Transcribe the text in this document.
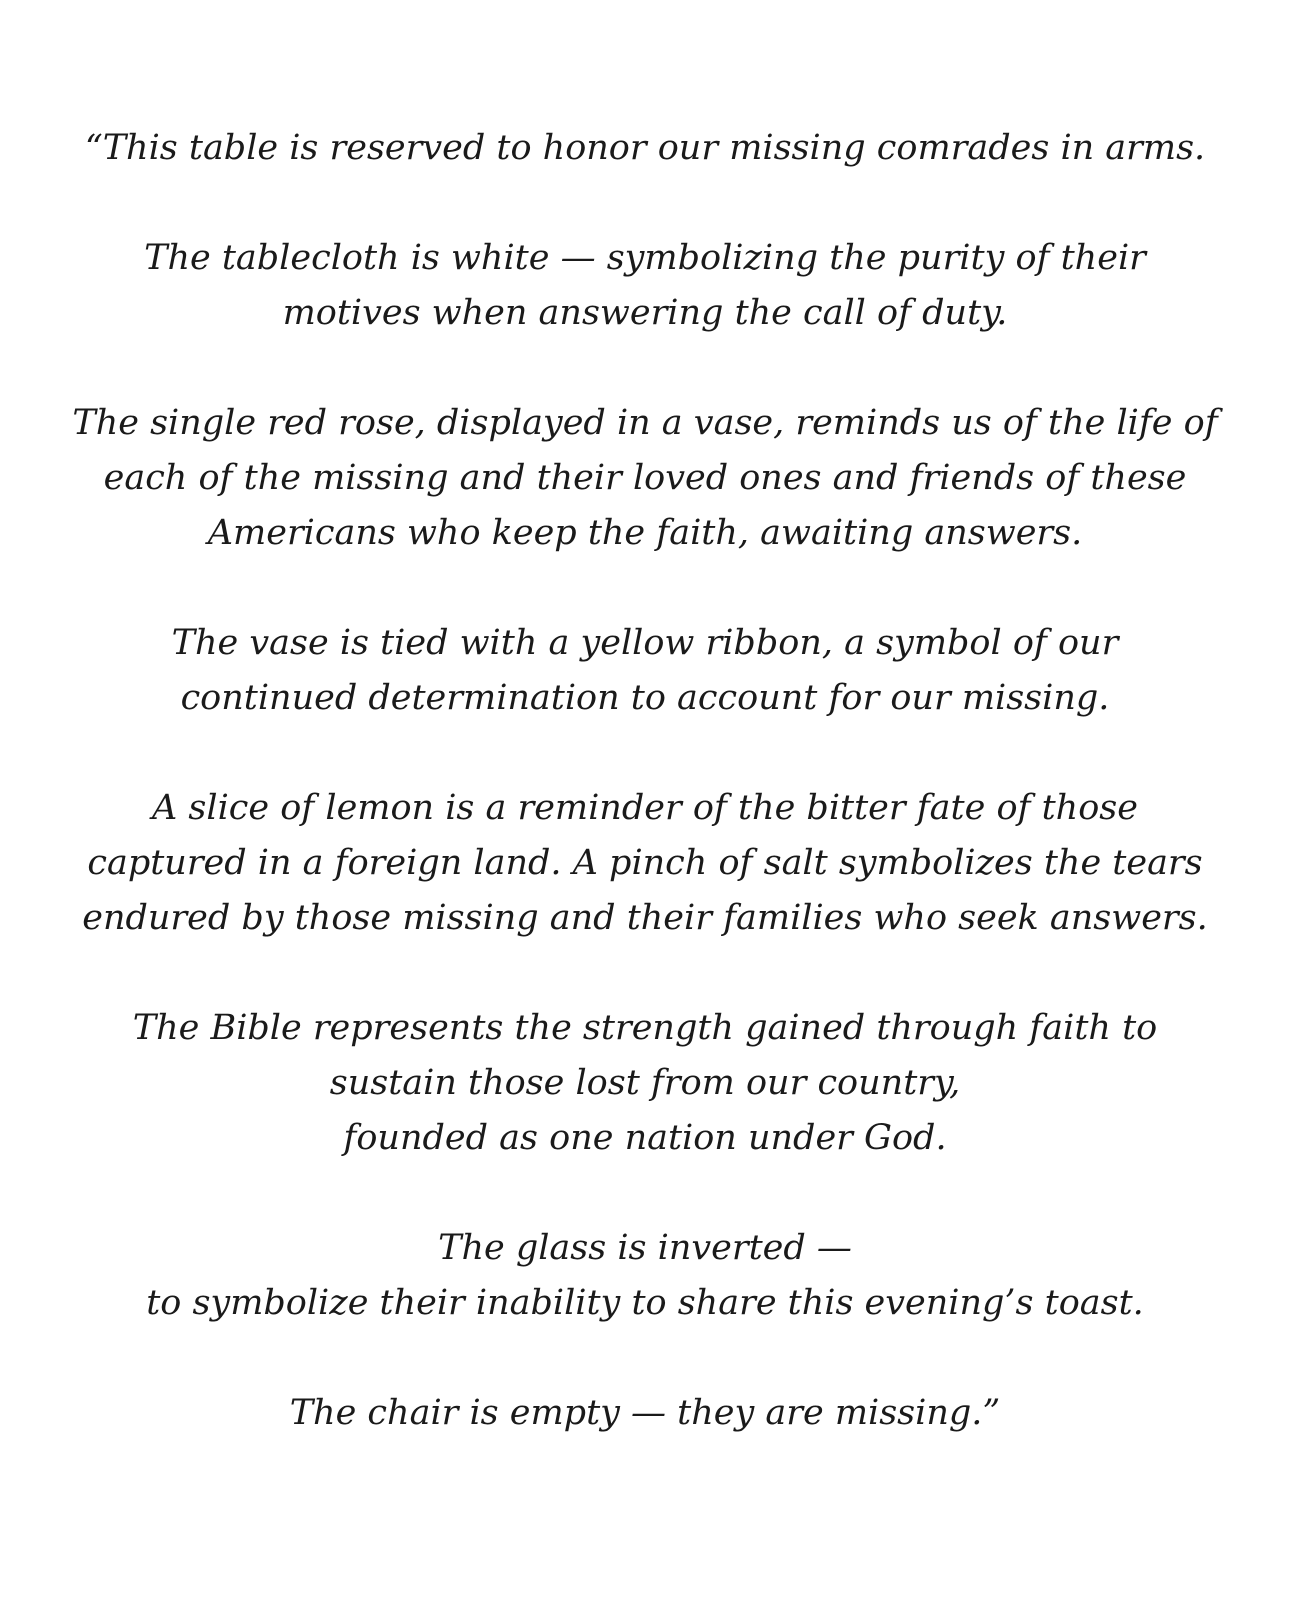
“This table is reserved to honor our missing comrades in arms.
The tablecloth is white — symbolizing the purity of their
motives when answering the call of duty.
The single red rose, displayed in a vase, reminds us of the life of
each of the missing and their loved ones and friends of these
Americans who keep the faith, awaiting answers.
The vase is tied with a yellow ribbon, a symbol of our
continued determination to account for our missing.
A slice of lemon is a reminder of the bitter fate of those
captured in a foreign land. A pinch of salt symbolizes the tears
endured by those missing and their families who seek answers.
The Bible represents the strength gained through faith to
sustain those lost from our country,
founded as one nation under God.
The glass is inverted —
to symbolize their inability to share this evening’s toast.
The chair is empty — they are missing.”
